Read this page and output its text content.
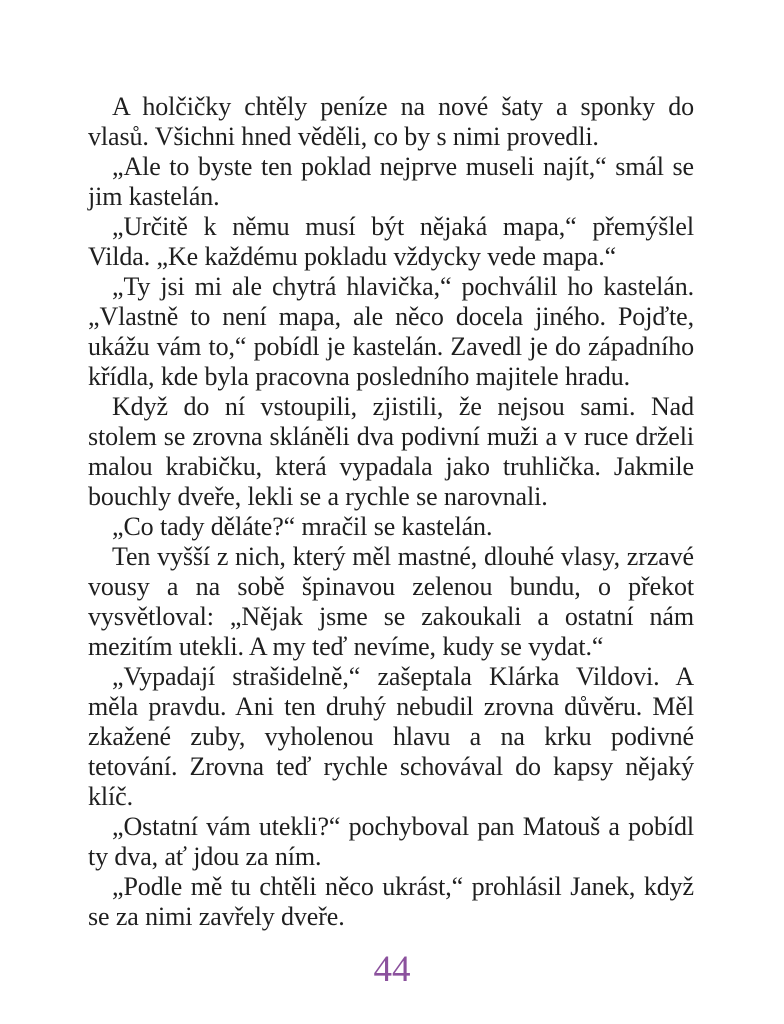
A holčičky chtěly peníze na nové šaty a sponky do vlasů. Všichni hned věděli, co by s nimi provedli.

„Ale to byste ten poklad nejprve museli najít,“ smál se jim kastelán.

„Určitě k němu musí být nějaká mapa,“ přemýšlel Vilda. „Ke každému pokladu vždycky vede mapa.“

„Ty jsi mi ale chytrá hlavička,“ pochválil ho kastelán. „Vlastně to není mapa, ale něco docela jiného. Pojďte, ukážu vám to,“ pobídl je kastelán. Zavedl je do západního křídla, kde byla pracovna posledního majitele hradu.

Když do ní vstoupili, zjistili, že nejsou sami. Nad stolem se zrovna skláněli dva podivní muži a v ruce drželi malou krabičku, která vypadala jako truhlička. Jakmile bouchly dveře, lekli se a rychle se narovnali.

„Co tady děláte?“ mračil se kastelán.

Ten vyšší z nich, který měl mastné, dlouhé vlasy, zrzavé vousy a na sobě špinavou zelenou bundu, o překot vysvětloval: „Nějak jsme se zakoukali a ostatní nám mezitím utekli. A my teď nevíme, kudy se vydat.“

„Vypadají strašidelně,“ zašeptala Klárka Vildovi. A měla pravdu. Ani ten druhý nebudil zrovna důvěru. Měl zkažené zuby, vyholenou hlavu a na krku podivné tetování. Zrovna teď rychle schovával do kapsy nějaký klíč.

„Ostatní vám utekli?“ pochyboval pan Matouš a pobídl ty dva, ať jdou za ním.

„Podle mě tu chtěli něco ukrást,“ prohlásil Janek, když se za nimi zavřely dveře.

44
